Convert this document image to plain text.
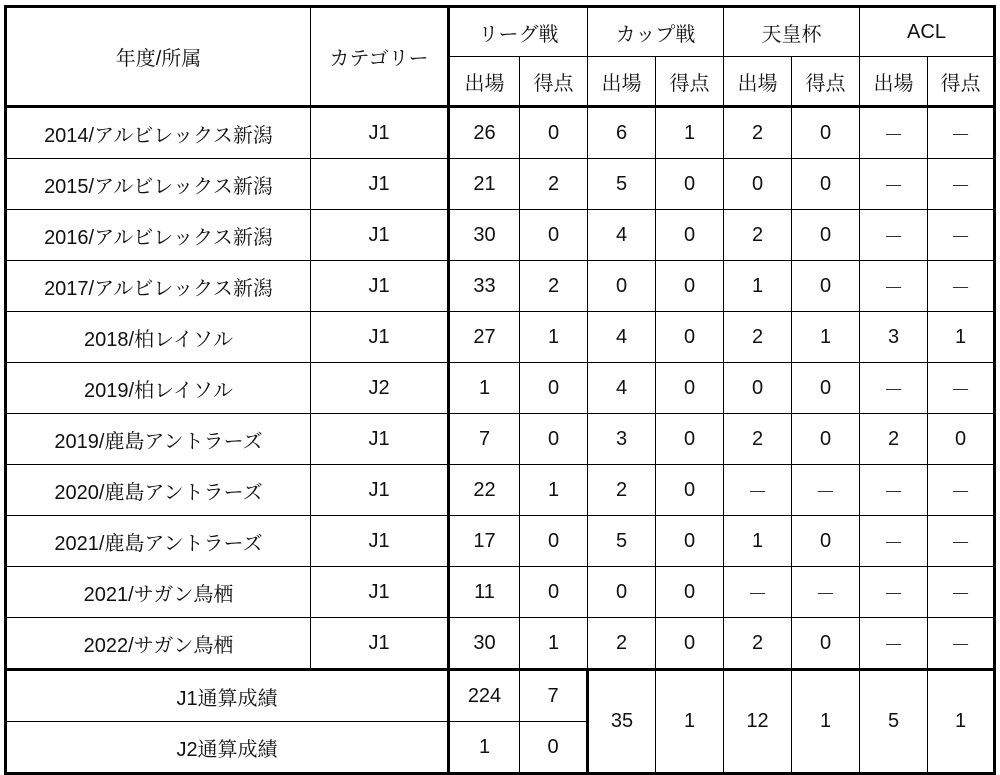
年度/所属	カテゴリー	リーグ戦		カップ戦		天皇杯		ACL	
		出場	得点	出場	得点	出場	得点	出場	得点
2014/アルビレックス新潟	J1	26	0	6	1	2	0	－	－
2015/アルビレックス新潟	J1	21	2	5	0	0	0	－	－
2016/アルビレックス新潟	J1	30	0	4	0	2	0	－	－
2017/アルビレックス新潟	J1	33	2	0	0	1	0	－	－
2018/柏レイソル	J1	27	1	4	0	2	1	3	1
2019/柏レイソル	J2	1	0	4	0	0	0	－	－
2019/鹿島アントラーズ	J1	7	0	3	0	2	0	2	0
2020/鹿島アントラーズ	J1	22	1	2	0	－	－	－	－
2021/鹿島アントラーズ	J1	17	0	5	0	1	0	－	－
2021/サガン鳥栖	J1	11	0	0	0	－	－	－	－
2022/サガン鳥栖	J1	30	1	2	0	2	0	－	－
J1通算成績		224	7	35	1	12	1	5	1
J2通算成績		1	0						
